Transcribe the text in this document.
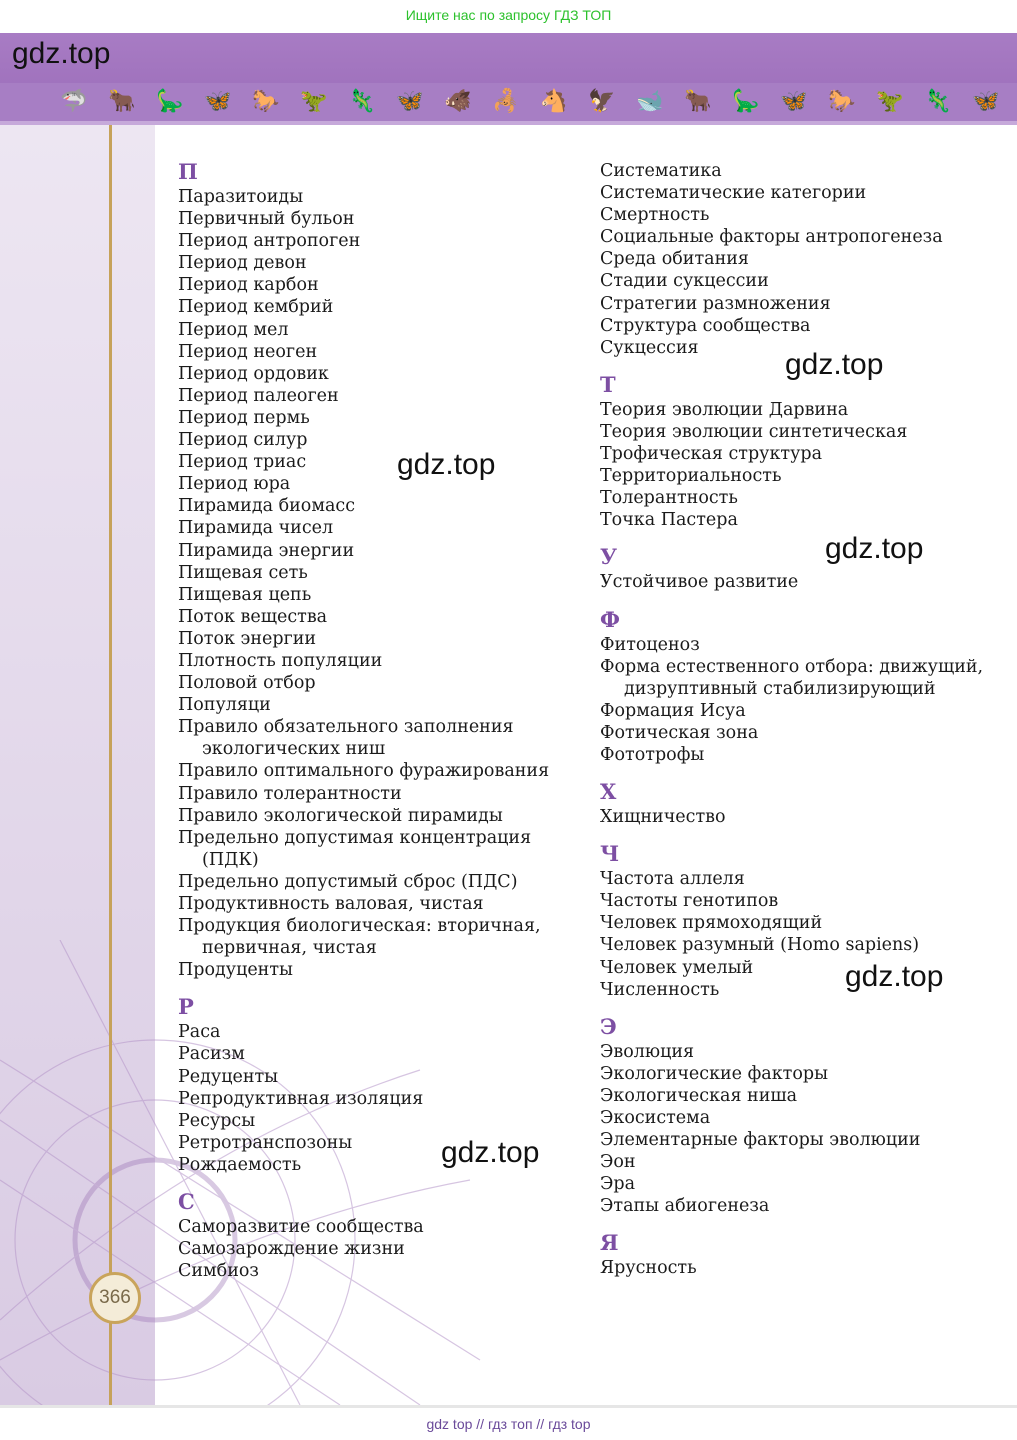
Ищите нас по запросу ГДЗ ТОП
gdz.top
🦈 🐂 🦕 🦋 🐎 🦖 🦎 🦋 🐗 🦂 🐴 🦅 🐋 🐂 🦕 🦋 🐎 🦖 🦎 🦋
366
П
Паразитоиды
Первичный бульон
Период антропоген
Период девон
Период карбон
Период кембрий
Период мел
Период неоген
Период ордовик
Период палеоген
Период пермь
Период силур
Период триас
Период юра
Пирамида биомасс
Пирамида чисел
Пирамида энергии
Пищевая сеть
Пищевая цепь
Поток вещества
Поток энергии
Плотность популяции
Половой отбор
Популяци
Правило обязательного заполнения
экологических ниш
Правило оптимального фуражирования
Правило толерантности
Правило экологической пирамиды
Предельно допустимая концентрация
(ПДК)
Предельно допустимый сброс (ПДС)
Продуктивность валовая, чистая
Продукция биологическая: вторичная,
первичная, чистая
Продуценты
Р
Раса
Расизм
Редуценты
Репродуктивная изоляция
Ресурсы
Ретротранспозоны
Рождаемость
С
Саморазвитие сообщества
Самозарождение жизни
Симбиоз
Систематика
Систематические категории
Смертность
Социальные факторы антропогенеза
Среда обитания
Стадии сукцессии
Стратегии размножения
Структура сообщества
Сукцессия
Т
Теория эволюции Дарвина
Теория эволюции синтетическая
Трофическая структура
Территориальность
Толерантность
Точка Пастера
У
Устойчивое развитие
Ф
Фитоценоз
Форма естественного отбора: движущий,
дизруптивный стабилизирующий
Формация Исуа
Фотическая зона
Фототрофы
Х
Хищничество
Ч
Частота аллеля
Частоты генотипов
Человек прямоходящий
Человек разумный (Homo sapiens)
Человек умелый
Численность
Э
Эволюция
Экологические факторы
Экологическая ниша
Экосистема
Элементарные факторы эволюции
Эон
Эра
Этапы абиогенеза
Я
Ярусность
gdz.top
gdz.top
gdz.top
gdz.top
gdz.top
gdz top // гдз топ // гдз top
